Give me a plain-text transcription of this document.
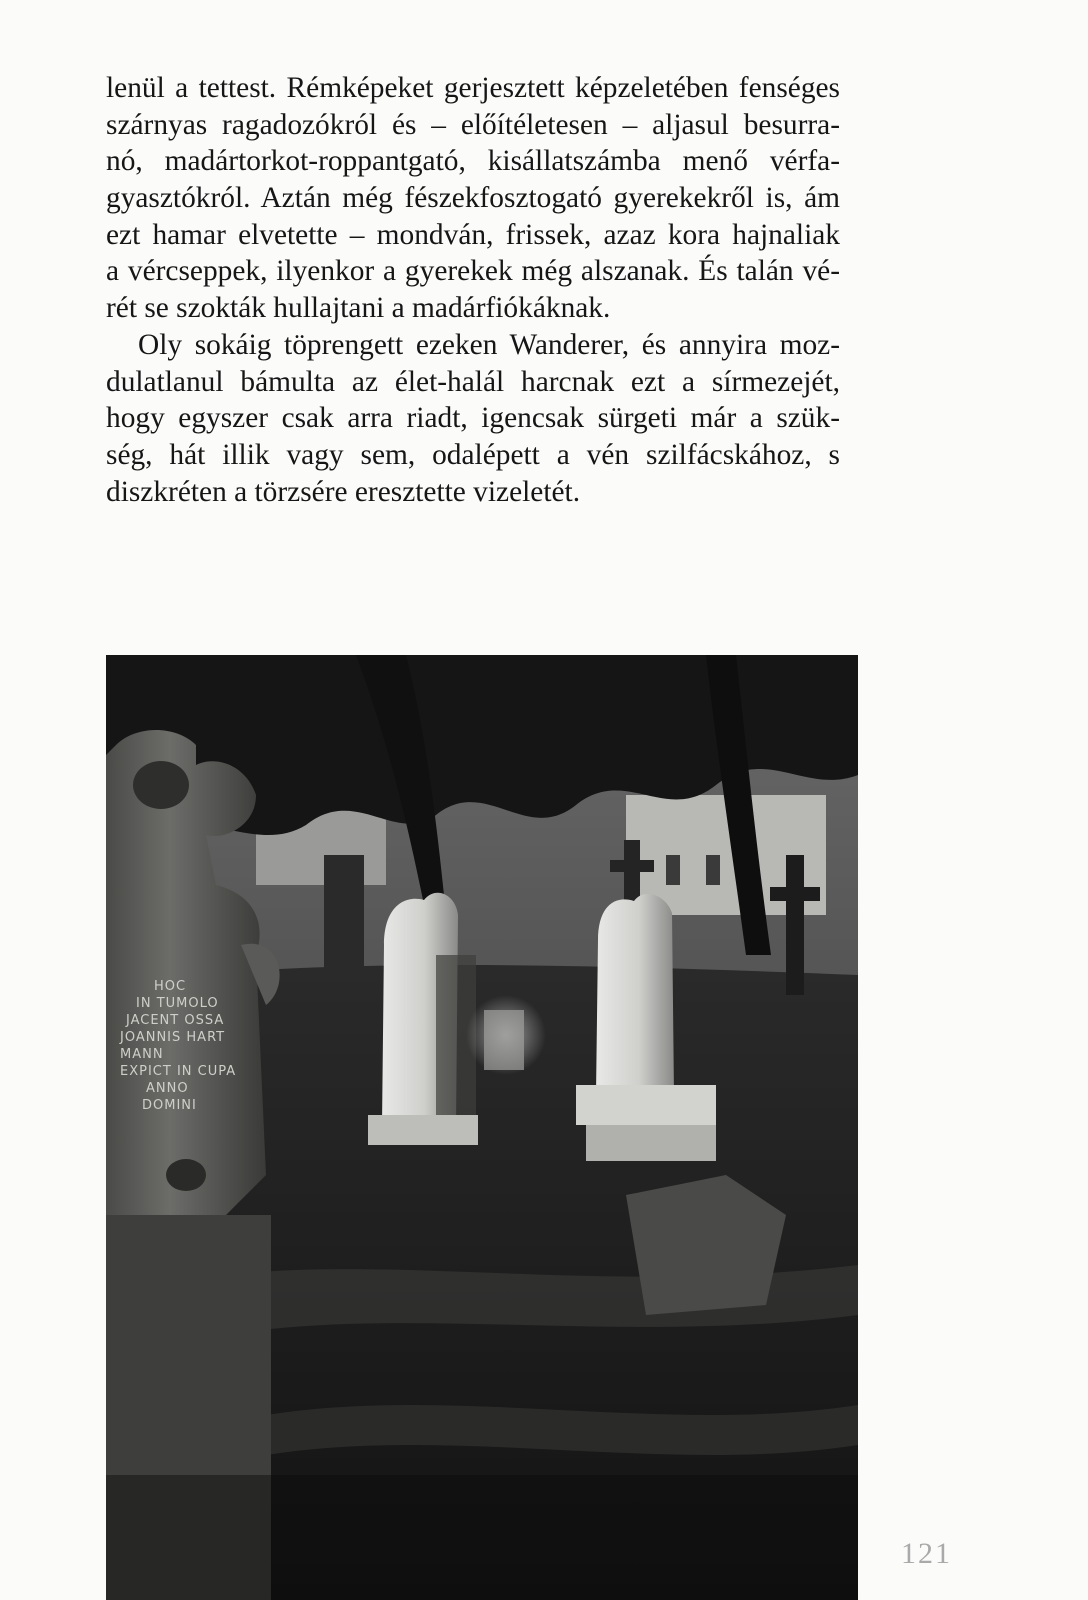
lenül a tettest. Rémképeket gerjesztett képzeletében fenséges
szárnyas ragadozókról és – előítéletesen – aljasul besurra-
nó, madártorkot-roppantgató, kisállatszámba menő vérfa-
gyasztókról. Aztán még fészekfosztogató gyerekekről is, ám
ezt hamar elvetette – mondván, frissek, azaz kora hajnaliak
a vércseppek, ilyenkor a gyerekek még alszanak. És talán vé-
rét se szokták hullajtani a madárfiókáknak.
Oly sokáig töprengett ezeken Wanderer, és annyira moz-
dulatlanul bámulta az élet-halál harcnak ezt a sírmezejét,
hogy egyszer csak arra riadt, igencsak sürgeti már a szük-
ség, hát illik vagy sem, odalépett a vén szilfácskához, s
diszkréten a törzsére eresztette vizeletét.
HOC
IN TUMOLO
JACENT OSSA
JOANNIS HART
MANN
EXPICT IN CUPA
ANNO
DOMINI
121
